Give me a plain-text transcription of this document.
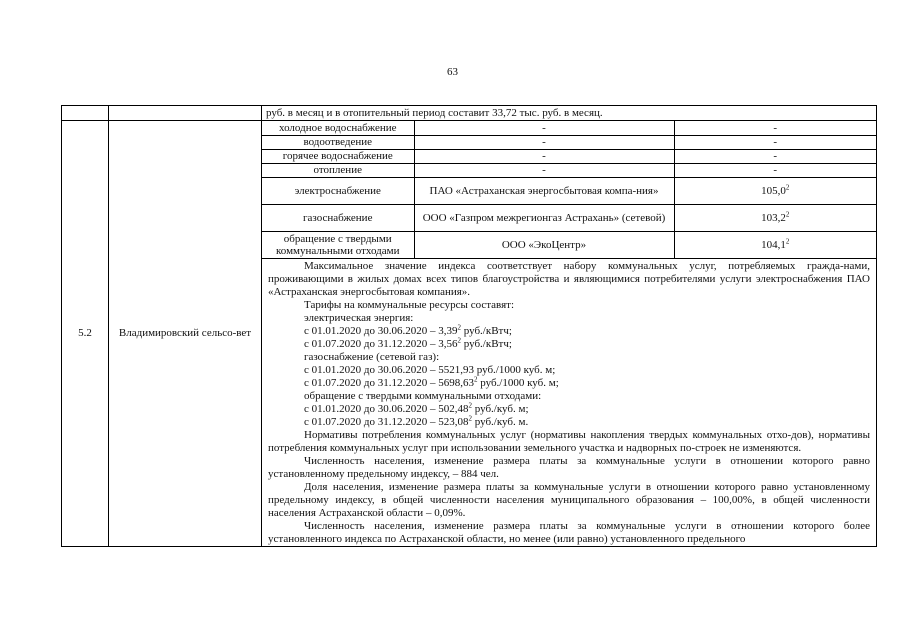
63
		руб. в месяц и в отопительный период составит 33,72 тыс. руб. в месяц.
5.2	Владимировский сельсо-вет	
холодное водоснабжение	-	-
водоотведение	-	-
горячее водоснабжение	-	-
отопление	-	-
электроснабжение	ПАО «Астраханская энергосбытовая компа-ния»	105,0$^2$
газоснабжение	ООО «Газпром межрегионгаз Астрахань» (сетевой)	103,2$^2$
обращение с твердыми коммунальными отходами	ООО «ЭкоЦентр»	104,1$^2$

Максимальное значение индекса соответствует набору коммунальных услуг, потребляемых гражда-нами, проживающими в жилых домах всех типов благоустройства и являющимися потребителями услуги электроснабжения ПАО «Астраханская энергосбытовая компания».

Тарифы на коммунальные ресурсы составят:

электрическая энергия:

с 01.01.2020 до 30.06.2020 – 3,39$^2$ руб./кВтч;

с 01.07.2020 до 31.12.2020 – 3,56$^2$ руб./кВтч;

газоснабжение (сетевой газ):

с 01.01.2020 до 30.06.2020 – 5521,93 руб./1000 куб. м;

с 01.07.2020 до 31.12.2020 – 5698,63$^2$ руб./1000 куб. м;

обращение с твердыми коммунальными отходами:

с 01.01.2020 до 30.06.2020 – 502,48$^2$ руб./куб. м;

с 01.07.2020 до 31.12.2020 – 523,08$^2$ руб./куб. м.

Нормативы потребления коммунальных услуг (нормативы накопления твердых коммунальных отхо-дов), нормативы потребления коммунальных услуг при использовании земельного участка и надворных по-строек не изменяются.

Численность населения, изменение размера платы за коммунальные услуги в отношении которого равно установленному предельному индексу, – 884 чел.

Доля населения, изменение размера платы за коммунальные услуги в отношении которого равно установленному предельному индексу, в общей численности населения муниципального образования – 100,00%, в общей численности населения Астраханской области – 0,09%.

Численность населения, изменение размера платы за коммунальные услуги в отношении которого более установленного индекса по Астраханской области, но менее (или равно) установленного предельного
